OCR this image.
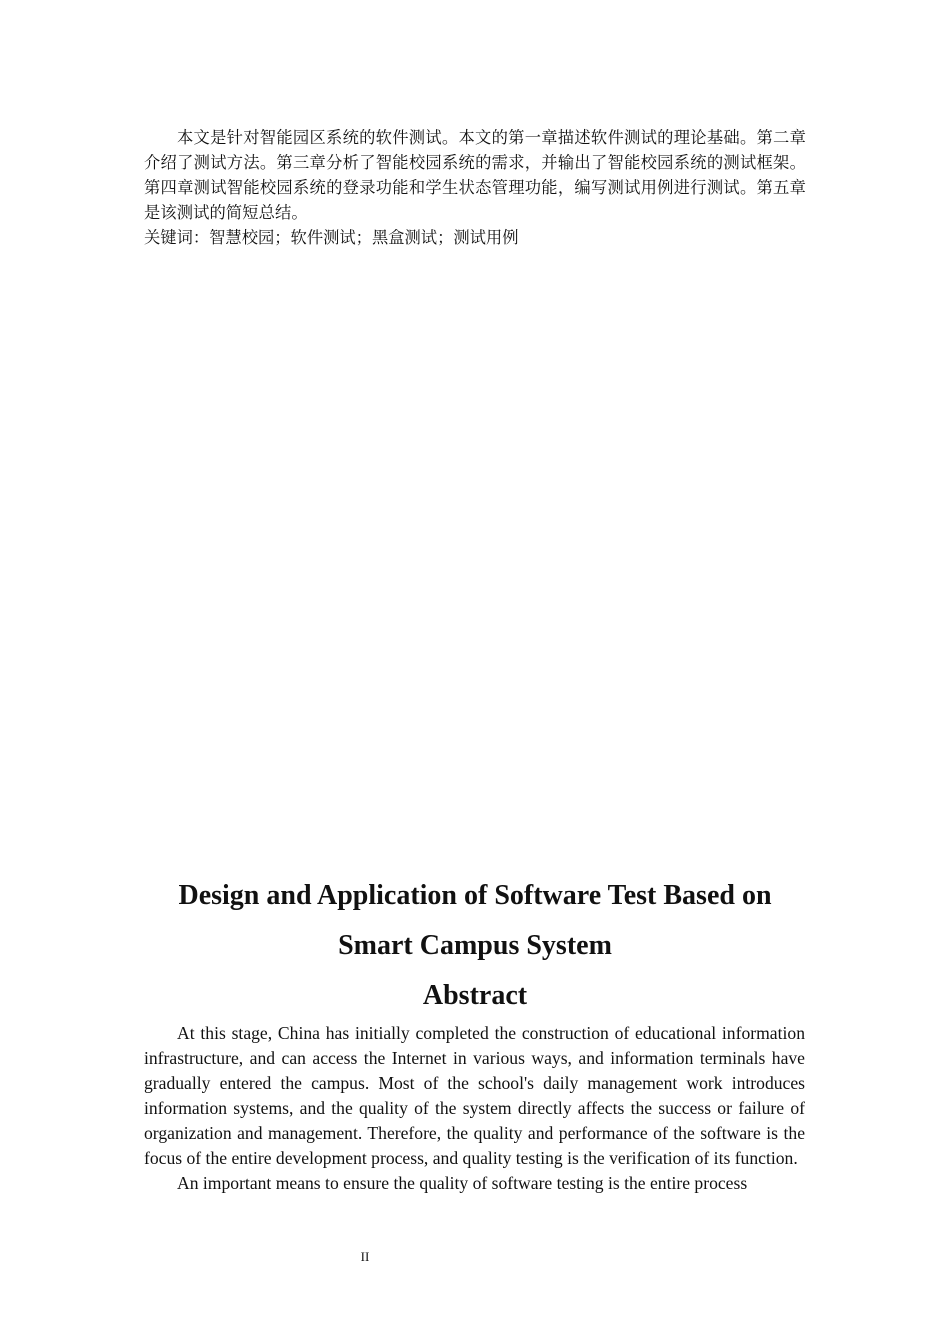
本文是针对智能园区系统的软件测试。本文的第一章描述软件测试的理论基础。第二章介绍了测试方法。第三章分析了智能校园系统的需求，并输出了智能校园系统的测试框架。第四章测试智能校园系统的登录功能和学生状态管理功能，编写测试用例进行测试。第五章是该测试的简短总结。

关键词：智慧校园；软件测试；黑盒测试；测试用例

Design and Application of Software Test Based on
Smart Campus System
Abstract

At this stage, China has initially completed the construction of educational information infrastructure, and can access the Internet in various ways, and information terminals have gradually entered the campus. Most of the school's daily management work introduces information systems, and the quality of the system directly affects the success or failure of organization and management. Therefore, the quality and performance of the software is the focus of the entire development process, and quality testing is the verification of its function.

An important means to ensure the quality of software testing is the entire process

II
